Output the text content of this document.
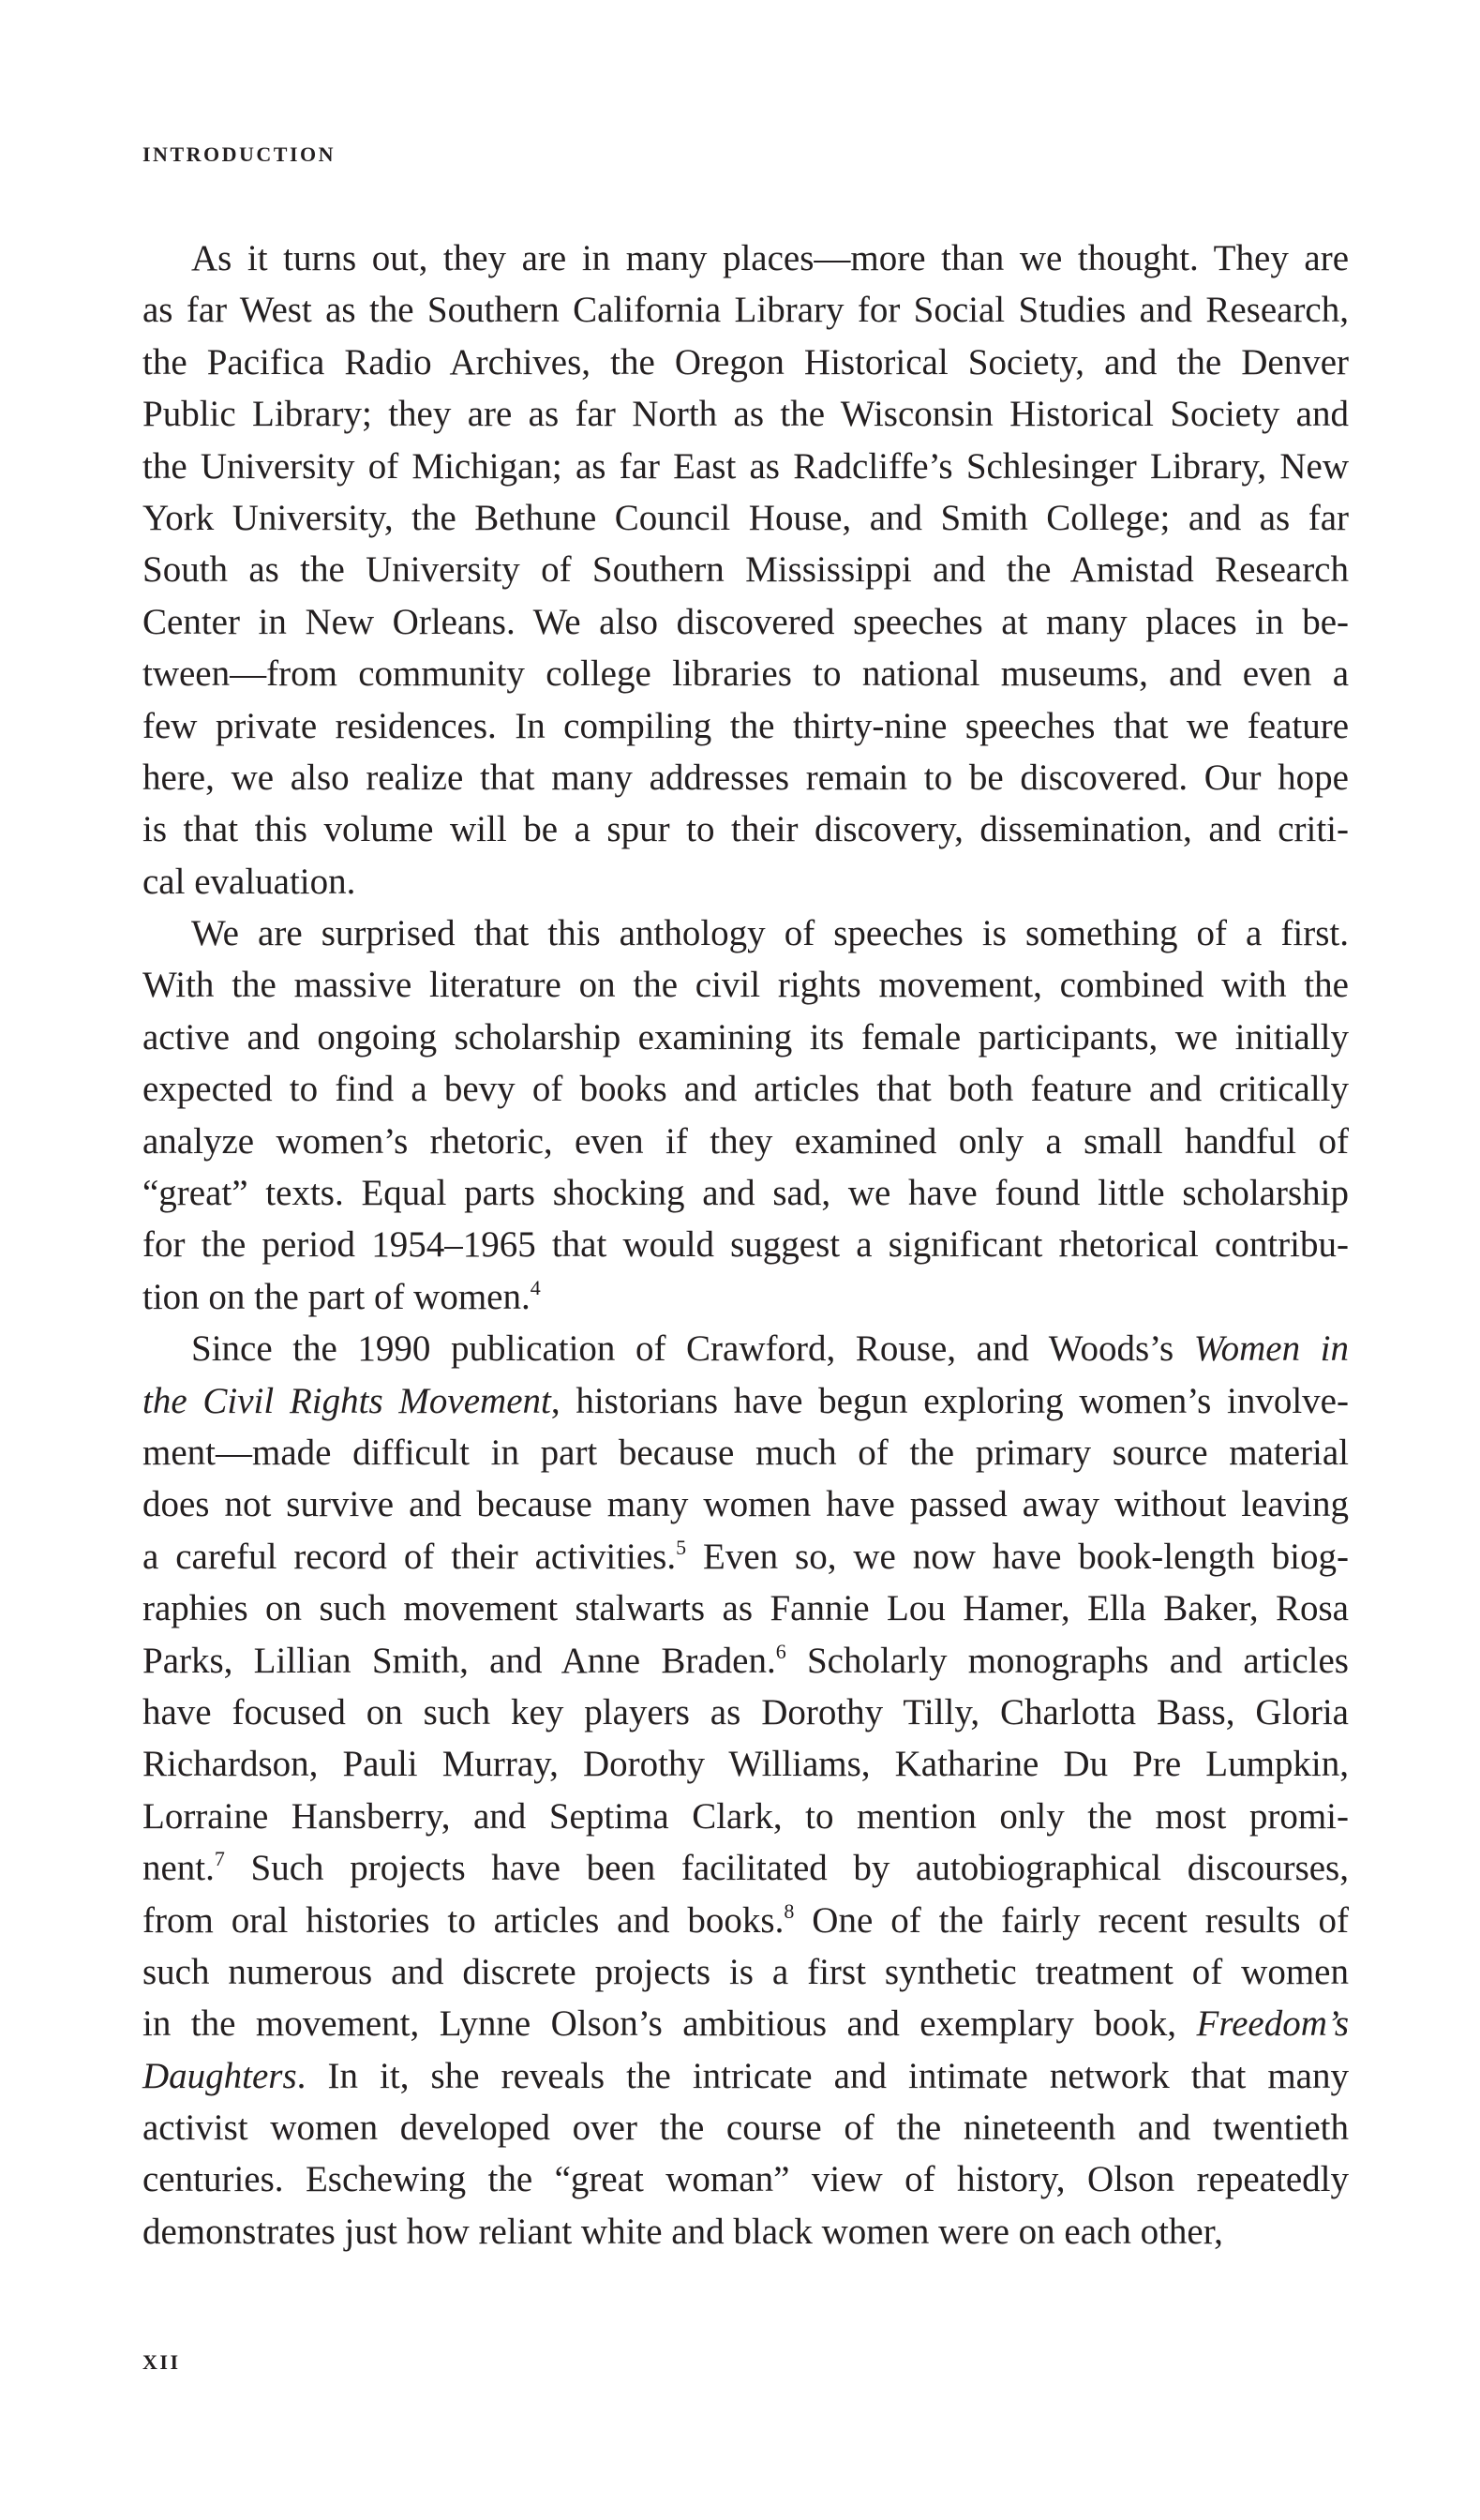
INTRODUCTION
As it turns out, they are in many places—more than we thought. They are
as far West as the Southern California Library for Social Studies and Research,
the Pacifica Radio Archives, the Oregon Historical Society, and the Denver
Public Library; they are as far North as the Wisconsin Historical Society and
the University of Michigan; as far East as Radcliffe’s Schlesinger Library, New
York University, the Bethune Council House, and Smith College; and as far
South as the University of Southern Mississippi and the Amistad Research
Center in New Orleans. We also discovered speeches at many places in be-
tween—from community college libraries to national museums, and even a
few private residences. In compiling the thirty-nine speeches that we feature
here, we also realize that many addresses remain to be discovered. Our hope
is that this volume will be a spur to their discovery, dissemination, and criti-
cal evaluation.
We are surprised that this anthology of speeches is something of a first.
With the massive literature on the civil rights movement, combined with the
active and ongoing scholarship examining its female participants, we initially
expected to find a bevy of books and articles that both feature and critically
analyze women’s rhetoric, even if they examined only a small handful of
“great” texts. Equal parts shocking and sad, we have found little scholarship
for the period 1954–1965 that would suggest a significant rhetorical contribu-
tion on the part of women.$^4$
Since the 1990 publication of Crawford, Rouse, and Woods’s Women in
the Civil Rights Movement, historians have begun exploring women’s involve-
ment—made difficult in part because much of the primary source material
does not survive and because many women have passed away without leaving
a careful record of their activities.$^5$ Even so, we now have book-length biog-
raphies on such movement stalwarts as Fannie Lou Hamer, Ella Baker, Rosa
Parks, Lillian Smith, and Anne Braden.$^6$ Scholarly monographs and articles
have focused on such key players as Dorothy Tilly, Charlotta Bass, Gloria
Richardson, Pauli Murray, Dorothy Williams, Katharine Du Pre Lumpkin,
Lorraine Hansberry, and Septima Clark, to mention only the most promi-
nent.$^7$ Such projects have been facilitated by autobiographical discourses,
from oral histories to articles and books.$^8$ One of the fairly recent results of
such numerous and discrete projects is a first synthetic treatment of women
in the movement, Lynne Olson’s ambitious and exemplary book, Freedom’s
Daughters. In it, she reveals the intricate and intimate network that many
activist women developed over the course of the nineteenth and twentieth
centuries. Eschewing the “great woman” view of history, Olson repeatedly
demonstrates just how reliant white and black women were on each other,
XII
